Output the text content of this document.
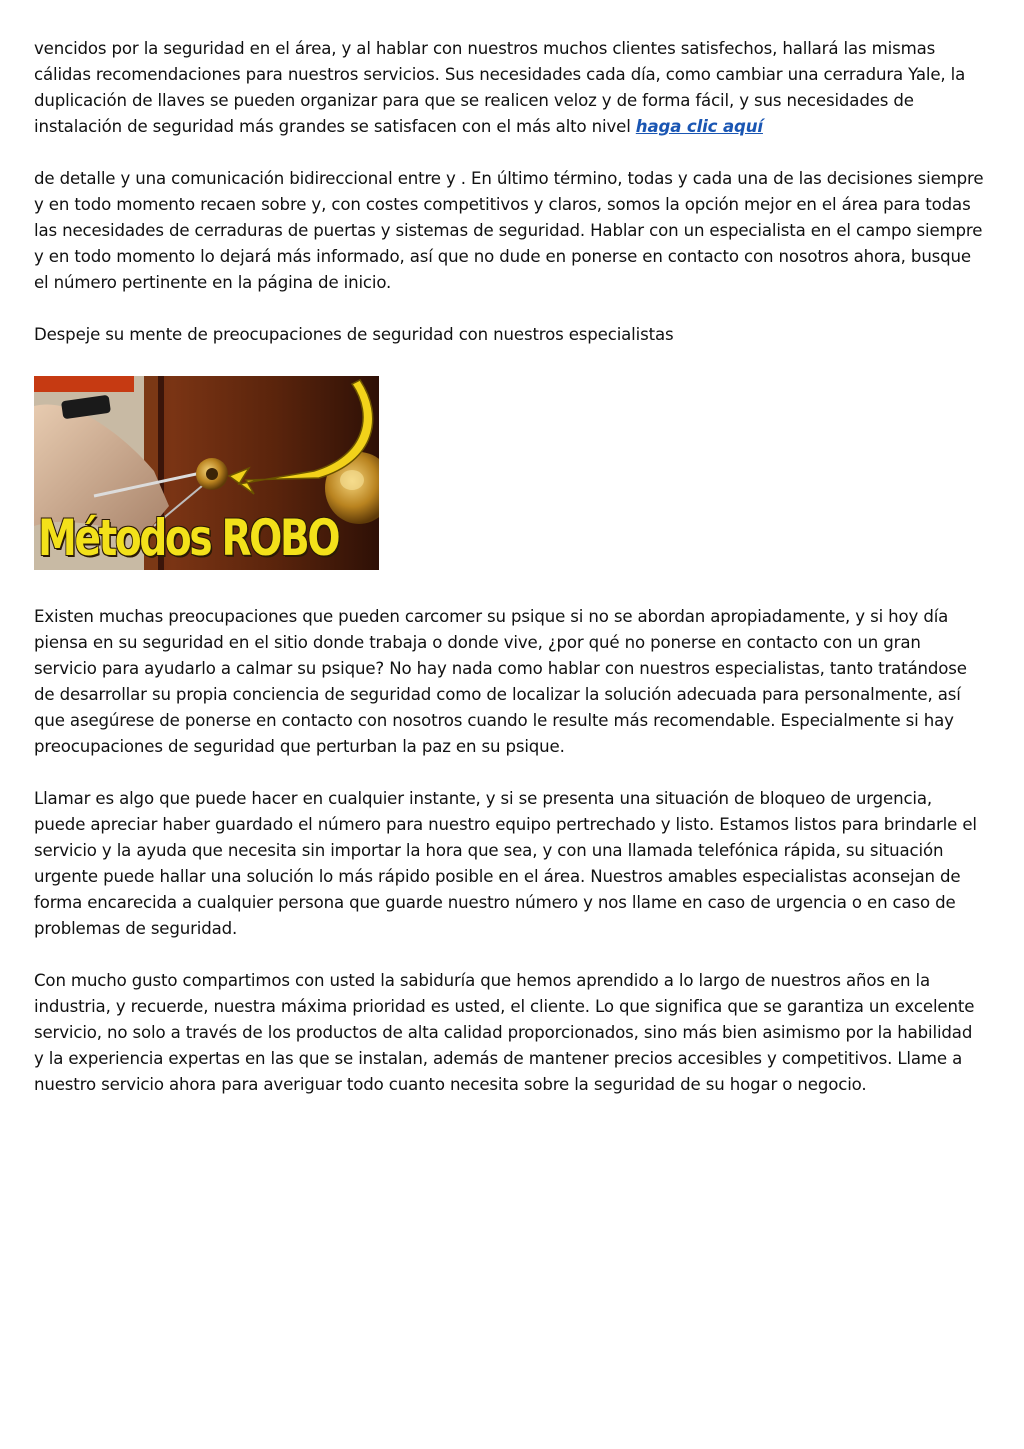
vencidos por la seguridad en el área, y al hablar con nuestros muchos clientes satisfechos, hallará las mismas cálidas recomendaciones para nuestros servicios. Sus necesidades cada día, como cambiar una cerradura Yale, la duplicación de llaves se pueden organizar para que se realicen veloz y de forma fácil, y sus necesidades de instalación de seguridad más grandes se satisfacen con el más alto nivel haga clic aquí

de detalle y una comunicación bidireccional entre y . En último término, todas y cada una de las decisiones siempre y en todo momento recaen sobre y, con costes competitivos y claros, somos la opción mejor en el área para todas las necesidades de cerraduras de puertas y sistemas de seguridad. Hablar con un especialista en el campo siempre y en todo momento lo dejará más informado, así que no dude en ponerse en contacto con nosotros ahora, busque el número pertinente en la página de inicio.

Despeje su mente de preocupaciones de seguridad con nuestros especialistas

Métodos ROBO

Existen muchas preocupaciones que pueden carcomer su psique si no se abordan apropiadamente, y si hoy día piensa en su seguridad en el sitio donde trabaja o donde vive, ¿por qué no ponerse en contacto con un gran servicio para ayudarlo a calmar su psique? No hay nada como hablar con nuestros especialistas, tanto tratándose de desarrollar su propia conciencia de seguridad como de localizar la solución adecuada para personalmente, así que asegúrese de ponerse en contacto con nosotros cuando le resulte más recomendable. Especialmente si hay preocupaciones de seguridad que perturban la paz en su psique.

Llamar es algo que puede hacer en cualquier instante, y si se presenta una situación de bloqueo de urgencia, puede apreciar haber guardado el número para nuestro equipo pertrechado y listo. Estamos listos para brindarle el servicio y la ayuda que necesita sin importar la hora que sea, y con una llamada telefónica rápida, su situación urgente puede hallar una solución lo más rápido posible en el área. Nuestros amables especialistas aconsejan de forma encarecida a cualquier persona que guarde nuestro número y nos llame en caso de urgencia o en caso de problemas de seguridad.

Con mucho gusto compartimos con usted la sabiduría que hemos aprendido a lo largo de nuestros años en la industria, y recuerde, nuestra máxima prioridad es usted, el cliente. Lo que significa que se garantiza un excelente servicio, no solo a través de los productos de alta calidad proporcionados, sino más bien asimismo por la habilidad y la experiencia expertas en las que se instalan, además de mantener precios accesibles y competitivos. Llame a nuestro servicio ahora para averiguar todo cuanto necesita sobre la seguridad de su hogar o negocio.
